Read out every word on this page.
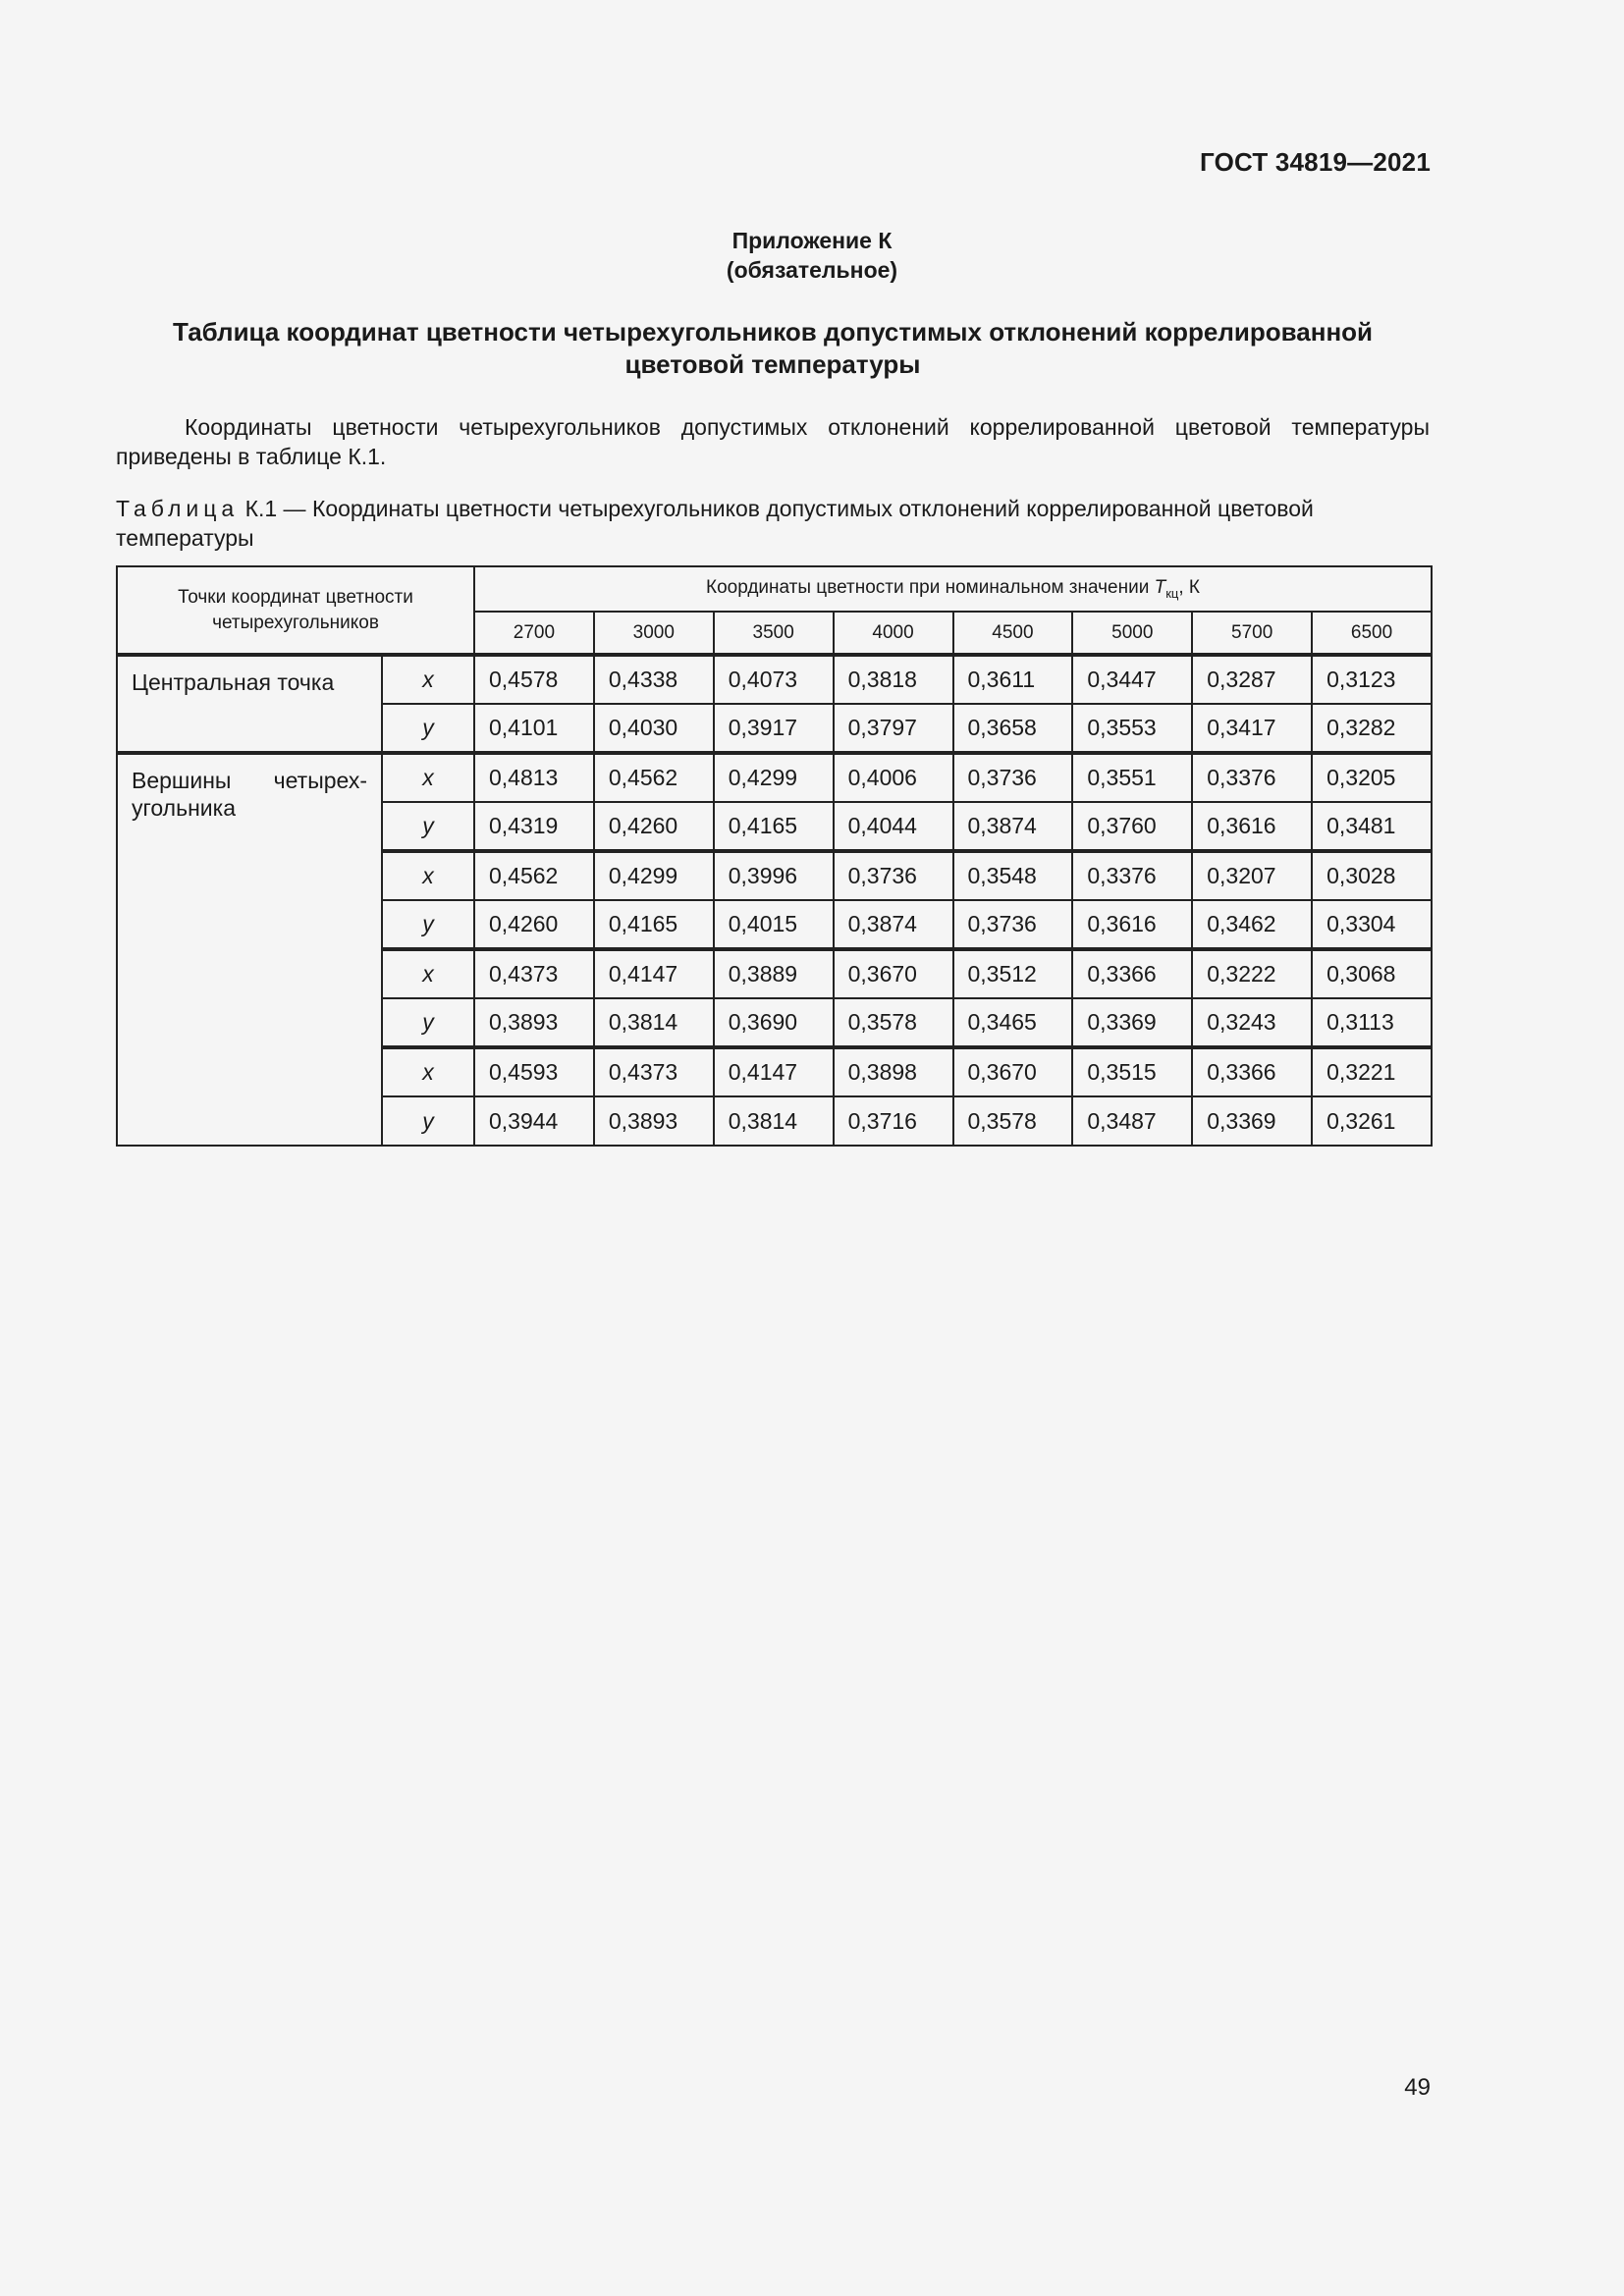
ГОСТ 34819—2021
Приложение К
(обязательное)
Таблица координат цветности четырехугольников допустимых отклонений коррелированной цветовой температуры
Координаты цветности четырехугольников допустимых отклонений коррелированной цветовой температуры приведены в таблице К.1.
Таблица К.1 — Координаты цветности четырехугольников допустимых отклонений коррелированной цветовой температуры
Точки координат цветности четырехугольников		Координаты цветности при номинальном значении $T_{кц}$, К							
		2700	3000	3500	4000	4500	5000	5700	6500
Центральная точка	x	0,4578	0,4338	0,4073	0,3818	0,3611	0,3447	0,3287	0,3123
	y	0,4101	0,4030	0,3917	0,3797	0,3658	0,3553	0,3417	0,3282
Вершины четырех-угольника	x	0,4813	0,4562	0,4299	0,4006	0,3736	0,3551	0,3376	0,3205
	y	0,4319	0,4260	0,4165	0,4044	0,3874	0,3760	0,3616	0,3481
	x	0,4562	0,4299	0,3996	0,3736	0,3548	0,3376	0,3207	0,3028
	y	0,4260	0,4165	0,4015	0,3874	0,3736	0,3616	0,3462	0,3304
	x	0,4373	0,4147	0,3889	0,3670	0,3512	0,3366	0,3222	0,3068
	y	0,3893	0,3814	0,3690	0,3578	0,3465	0,3369	0,3243	0,3113
	x	0,4593	0,4373	0,4147	0,3898	0,3670	0,3515	0,3366	0,3221
	y	0,3944	0,3893	0,3814	0,3716	0,3578	0,3487	0,3369	0,3261
49
